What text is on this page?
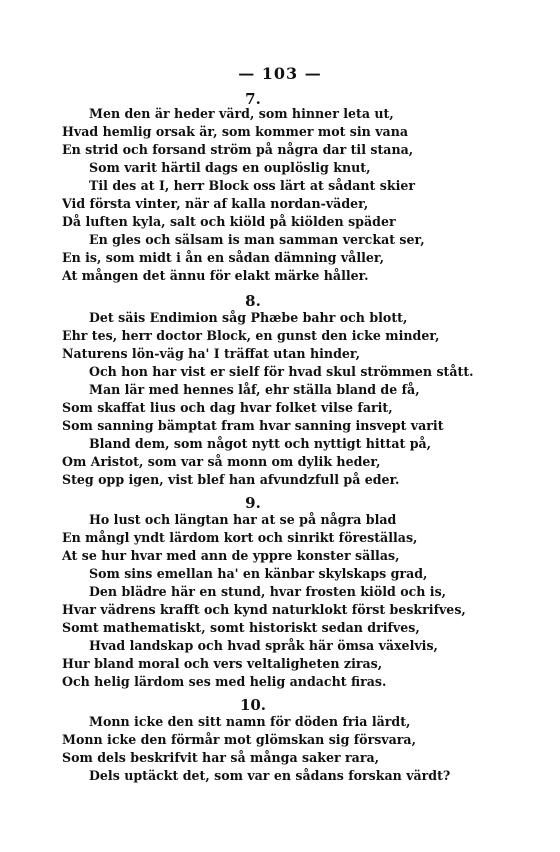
— 103 —
7.
Men den är heder värd, som hinner leta ut,
Hvad hemlig orsak är, som kommer mot sin vana
En strid och forsand ström på några dar til stana,
Som varit härtil dags en ouplöslig knut,
Til des at I, herr Block oss lärt at sådant skier
Vid första vinter, när af kalla nordan-väder,
Då luften kyla, salt och kiöld på kiölden späder
En gles och sälsam is man samman verckat ser,
En is, som midt i ån en sådan dämning våller,
At mången det ännu för elakt märke håller.
8.
Det säis Endimion såg Phæbe bahr och blott,
Ehr tes, herr doctor Block, en gunst den icke minder,
Naturens lön-väg ha' I träffat utan hinder,
Och hon har vist er sielf för hvad skul strömmen stått.
Man lär med hennes låf, ehr ställa bland de få,
Som skaffat lius och dag hvar folket vilse farit,
Som sanning bämptat fram hvar sanning insvept varit
Bland dem, som något nytt och nyttigt hittat på,
Om Aristot, som var så monn om dylik heder,
Steg opp igen, vist blef han afvundzfull på eder.
9.
Ho lust och längtan har at se på några blad
En mångl yndt lärdom kort och sinrikt föreställas,
At se hur hvar med ann de yppre konster sällas,
Som sins emellan ha' en känbar skylskaps grad,
Den blädre här en stund, hvar frosten kiöld och is,
Hvar vädrens krafft och kynd naturklokt först beskrifves,
Somt mathematiskt, somt historiskt sedan drifves,
Hvad landskap och hvad språk här ömsa växelvis,
Hur bland moral och vers veltaligheten ziras,
Och helig lärdom ses med helig andacht firas.
10.
Monn icke den sitt namn för döden fria lärdt,
Monn icke den förmår mot glömskan sig försvara,
Som dels beskrifvit har så många saker rara,
Dels uptäckt det, som var en sådans forskan värdt?
